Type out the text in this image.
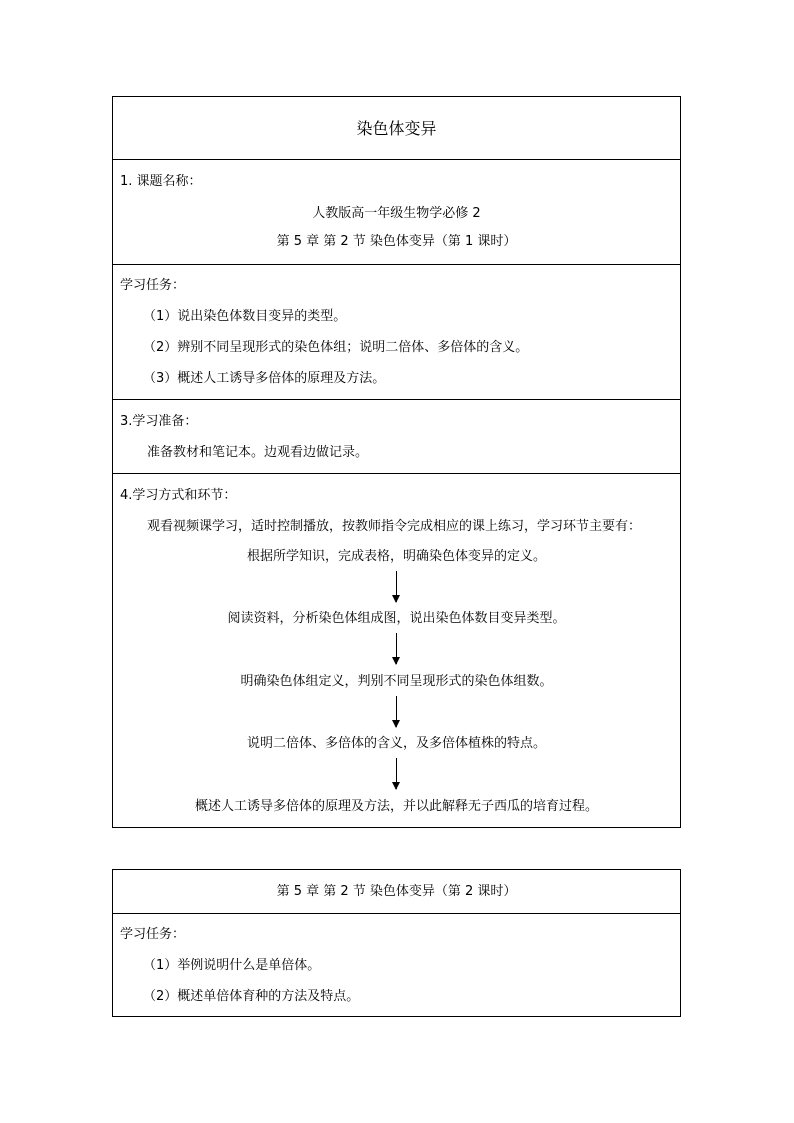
染色体变异
1. 课题名称：
人教版高一年级生物学必修 2
第 5 章 第 2 节 染色体变异（第 1 课时）
学习任务：
（1）说出染色体数目变异的类型。
（2）辨别不同呈现形式的染色体组；说明二倍体、多倍体的含义。
（3）概述人工诱导多倍体的原理及方法。
3.学习准备：
准备教材和笔记本。边观看边做记录。
4.学习方式和环节：
观看视频课学习，适时控制播放，按教师指令完成相应的课上练习，学习环节主要有：
根据所学知识，完成表格，明确染色体变异的定义。
阅读资料，分析染色体组成图，说出染色体数目变异类型。
明确染色体组定义，判别不同呈现形式的染色体组数。
说明二倍体、多倍体的含义，及多倍体植株的特点。
概述人工诱导多倍体的原理及方法，并以此解释无子西瓜的培育过程。
第 5 章 第 2 节 染色体变异（第 2 课时）
学习任务：
（1）举例说明什么是单倍体。
（2）概述单倍体育种的方法及特点。
